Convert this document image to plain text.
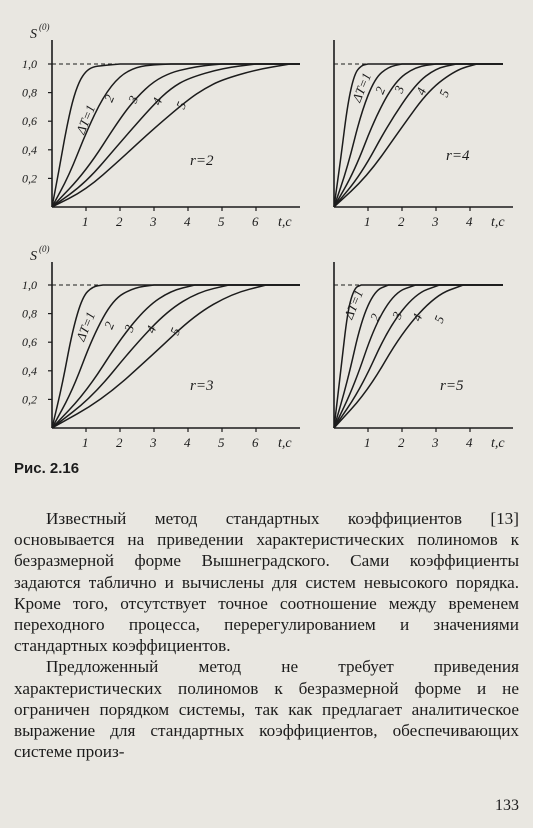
0,2
0,4
0,6
0,8
1,0
S (0)
1 2 3 4 5 6 t,c
ΔT=1
2 3 4 5
r=2
1 2 3 4 t,c
ΔT=1
2 3 4 5
r=4
0,2
0,4
0,6
0,8
1,0
S (0)
1 2 3 4 5 6 t,c
ΔT=1 2 3 4 5
r=3
1 2 3 4 t,c
ΔT=1 2 3 4 5
r=5
Рис. 2.16

Известный метод стандартных коэффициентов [13] основывается на приведении характеристических полиномов к безразмерной форме Вышнеградского. Сами коэффициенты задаются таблично и вычислены для систем невысокого порядка. Кроме того, отсутствует точное соотношение между временем переходного процесса, перерегулированием и значениями стандартных коэффициентов.

Предложенный метод не требует приведения характеристических полиномов к безразмерной форме и не ограничен порядком системы, так как предлагает аналитическое выражение для стандартных коэффициентов, обеспечивающих системе произ-

133
